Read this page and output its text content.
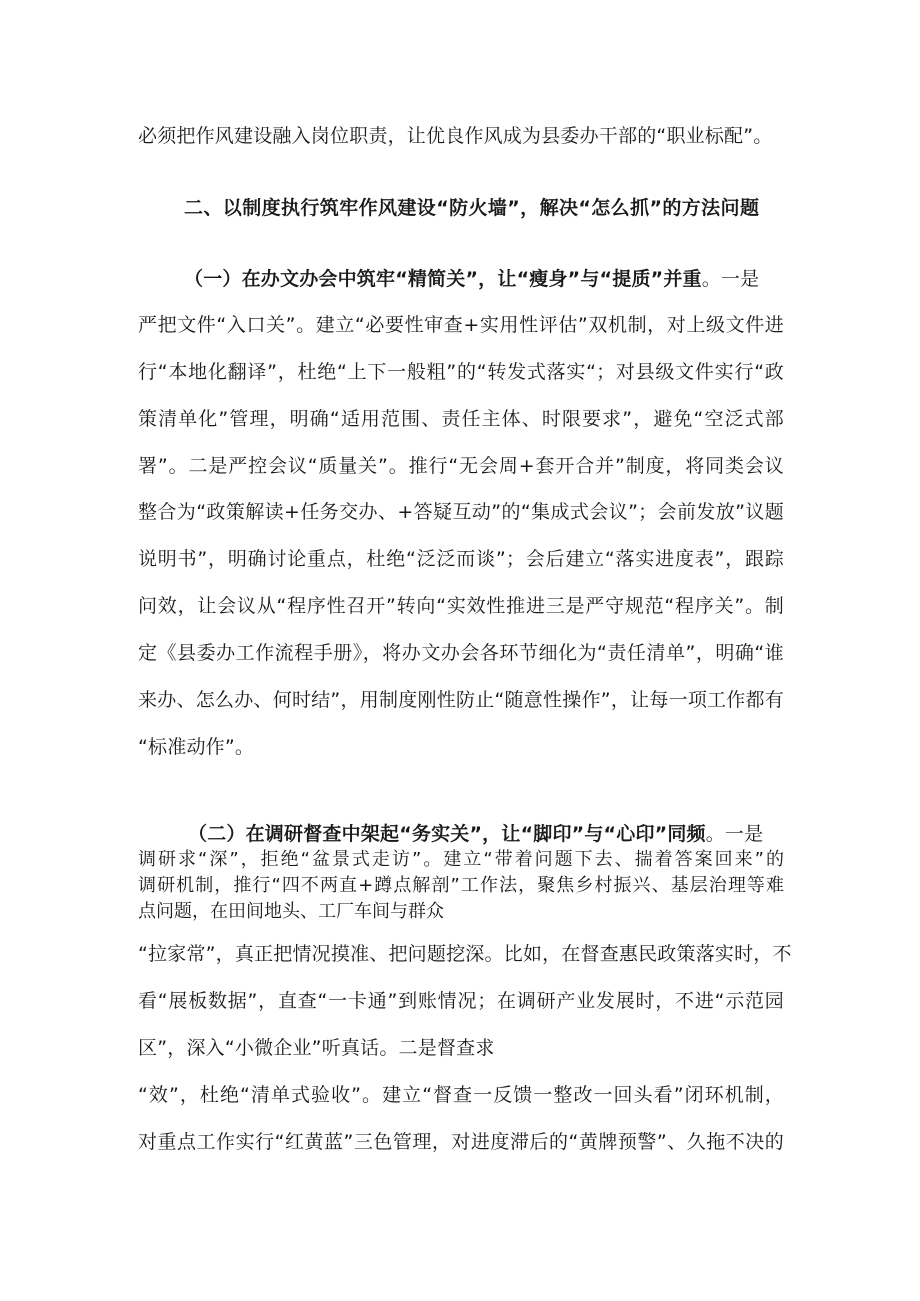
必须把作风建设融入岗位职责，让优良作风成为县委办干部的“职业标配”。
二、以制度执行筑牢作风建设“防火墙”，解决“怎么抓”的方法问题
（一）在办文办会中筑牢“精简关”，让“瘦身”与“提质”并重。一是
严把文件“入口关”。建立“必要性审查+实用性评估”双机制，对上级文件进
行“本地化翻译”，杜绝“上下一般粗”的“转发式落实“；对县级文件实行“政
策清单化”管理，明确“适用范围、责任主体、时限要求”，避免“空泛式部
署”。二是严控会议“质量关”。推行“无会周+套开合并”制度，将同类会议
整合为“政策解读+任务交办、+答疑互动”的“集成式会议”；会前发放”议题
说明书”，明确讨论重点，杜绝“泛泛而谈”；会后建立“落实进度表”，跟踪
问效，让会议从“程序性召开”转向“实效性推进三是严守规范“程序关”。制
定《县委办工作流程手册》，将办文办会各环节细化为“责任清单”，明确“谁
来办、怎么办、何时结”，用制度刚性防止“随意性操作”，让每一项工作都有
“标准动作”。
（二）在调研督查中架起“务实关”，让“脚印”与“心印”同频。一是
调研求“深”，拒绝“盆景式走访”。建立“带着问题下去、揣着答案回来”的
调研机制，推行“四不两直+蹲点解剖”工作法，聚焦乡村振兴、基层治理等难
点问题，在田间地头、工厂车间与群众
“拉家常”，真正把情况摸准、把问题挖深。比如，在督查惠民政策落实时，不
看“展板数据”，直查“一卡通”到账情况；在调研产业发展时，不进“示范园
区”，深入“小微企业”听真话。二是督查求
“效”，杜绝“清单式验收”。建立“督查一反馈一整改一回头看”闭环机制，
对重点工作实行“红黄蓝”三色管理，对进度滞后的“黄牌预警”、久拖不决的
